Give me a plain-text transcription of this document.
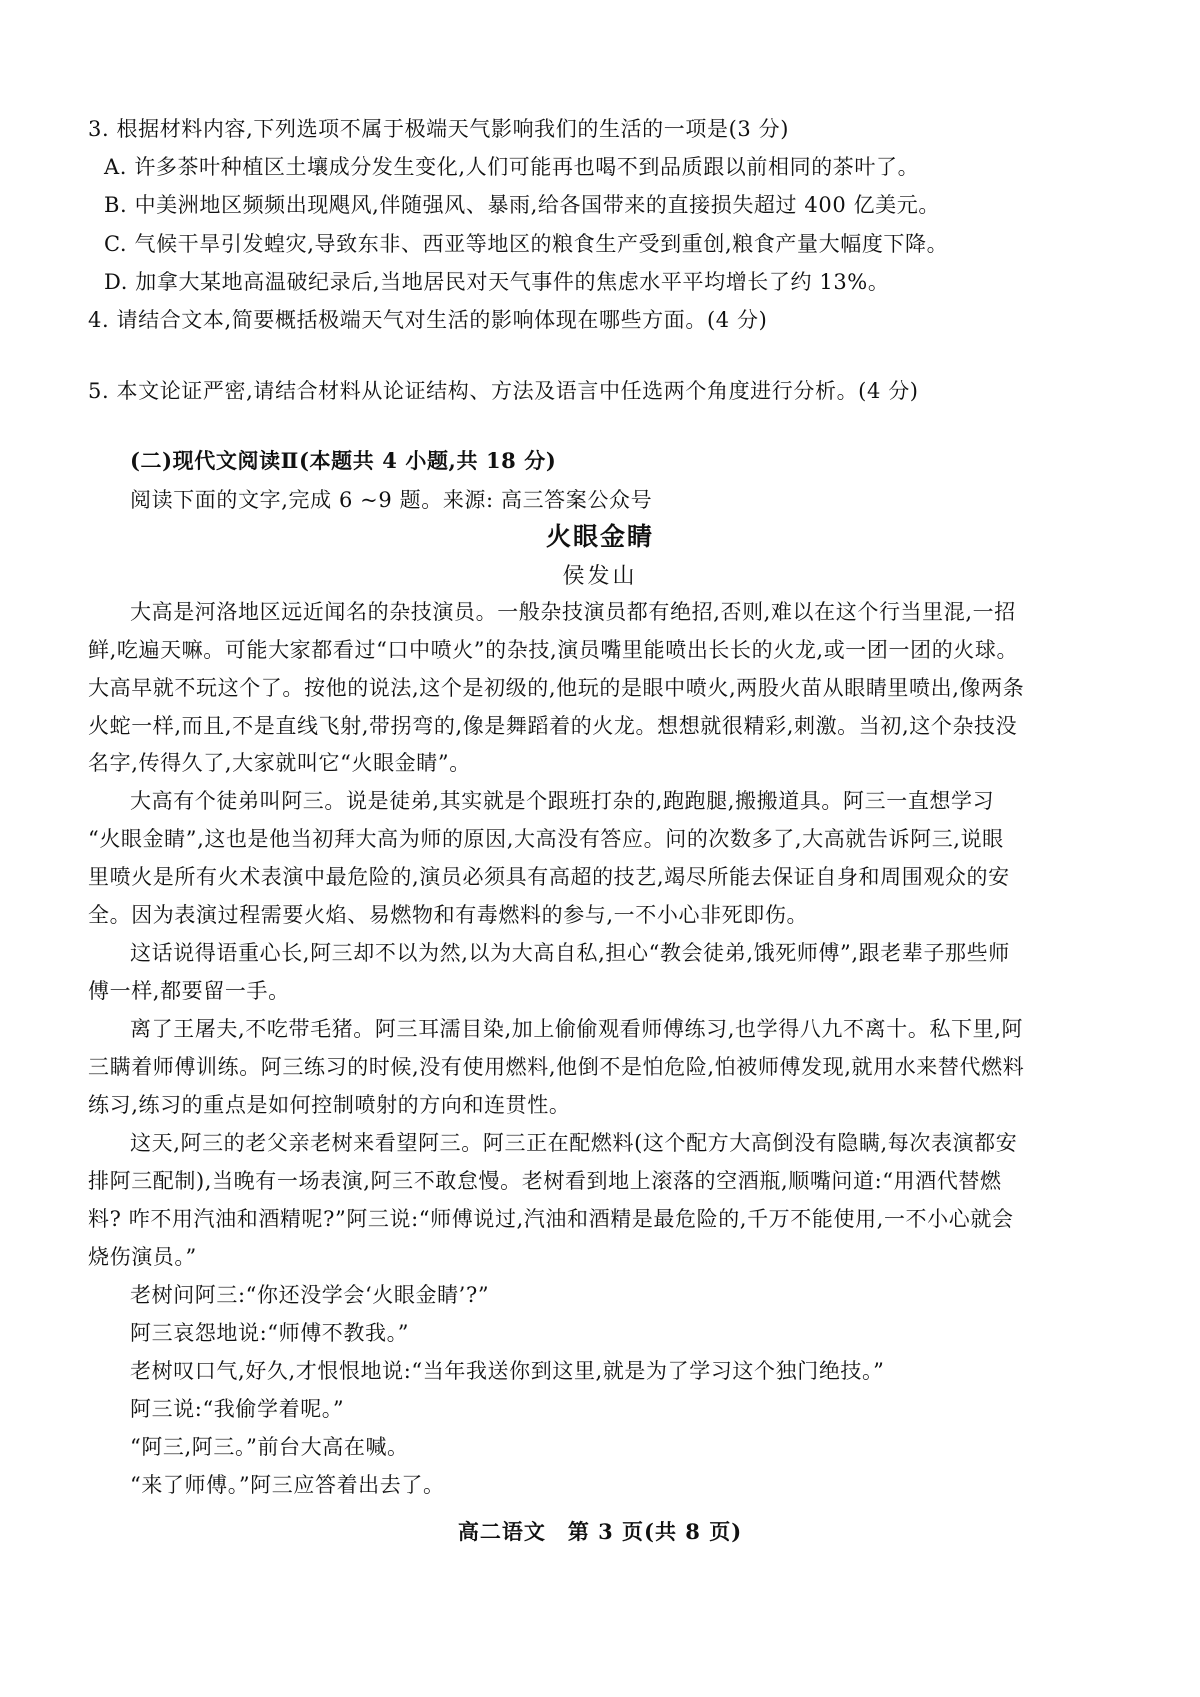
3. 根据材料内容,下列选项不属于极端天气影响我们的生活的一项是(3 分)
A. 许多茶叶种植区土壤成分发生变化,人们可能再也喝不到品质跟以前相同的茶叶了。
B. 中美洲地区频频出现飓风,伴随强风、暴雨,给各国带来的直接损失超过 400 亿美元。
C. 气候干旱引发蝗灾,导致东非、西亚等地区的粮食生产受到重创,粮食产量大幅度下降。
D. 加拿大某地高温破纪录后,当地居民对天气事件的焦虑水平平均增长了约 13%。
4. 请结合文本,简要概括极端天气对生活的影响体现在哪些方面。(4 分)
5. 本文论证严密,请结合材料从论证结构、方法及语言中任选两个角度进行分析。(4 分)
(二)现代文阅读Ⅱ(本题共 4 小题,共 18 分)
阅读下面的文字,完成 6 ~9 题。来源: 高三答案公众号
火眼金睛
侯发山
大高是河洛地区远近闻名的杂技演员。一般杂技演员都有绝招,否则,难以在这个行当里混,一招
鲜,吃遍天嘛。可能大家都看过“口中喷火”的杂技,演员嘴里能喷出长长的火龙,或一团一团的火球。
大高早就不玩这个了。按他的说法,这个是初级的,他玩的是眼中喷火,两股火苗从眼睛里喷出,像两条
火蛇一样,而且,不是直线飞射,带拐弯的,像是舞蹈着的火龙。想想就很精彩,刺激。当初,这个杂技没
名字,传得久了,大家就叫它“火眼金睛”。
大高有个徒弟叫阿三。说是徒弟,其实就是个跟班打杂的,跑跑腿,搬搬道具。阿三一直想学习
“火眼金睛”,这也是他当初拜大高为师的原因,大高没有答应。问的次数多了,大高就告诉阿三,说眼
里喷火是所有火术表演中最危险的,演员必须具有高超的技艺,竭尽所能去保证自身和周围观众的安
全。因为表演过程需要火焰、易燃物和有毒燃料的参与,一不小心非死即伤。
这话说得语重心长,阿三却不以为然,以为大高自私,担心“教会徒弟,饿死师傅”,跟老辈子那些师
傅一样,都要留一手。
离了王屠夫,不吃带毛猪。阿三耳濡目染,加上偷偷观看师傅练习,也学得八九不离十。私下里,阿
三瞒着师傅训练。阿三练习的时候,没有使用燃料,他倒不是怕危险,怕被师傅发现,就用水来替代燃料
练习,练习的重点是如何控制喷射的方向和连贯性。
这天,阿三的老父亲老树来看望阿三。阿三正在配燃料(这个配方大高倒没有隐瞒,每次表演都安
排阿三配制),当晚有一场表演,阿三不敢怠慢。老树看到地上滚落的空酒瓶,顺嘴问道:“用酒代替燃
料? 咋不用汽油和酒精呢?”阿三说:“师傅说过,汽油和酒精是最危险的,千万不能使用,一不小心就会
烧伤演员。”
老树问阿三:“你还没学会‘火眼金睛’?”
阿三哀怨地说:“师傅不教我。”
老树叹口气,好久,才恨恨地说:“当年我送你到这里,就是为了学习这个独门绝技。”
阿三说:“我偷学着呢。”
“阿三,阿三。”前台大高在喊。
“来了师傅。”阿三应答着出去了。
高二语文　第 3 页(共 8 页)
